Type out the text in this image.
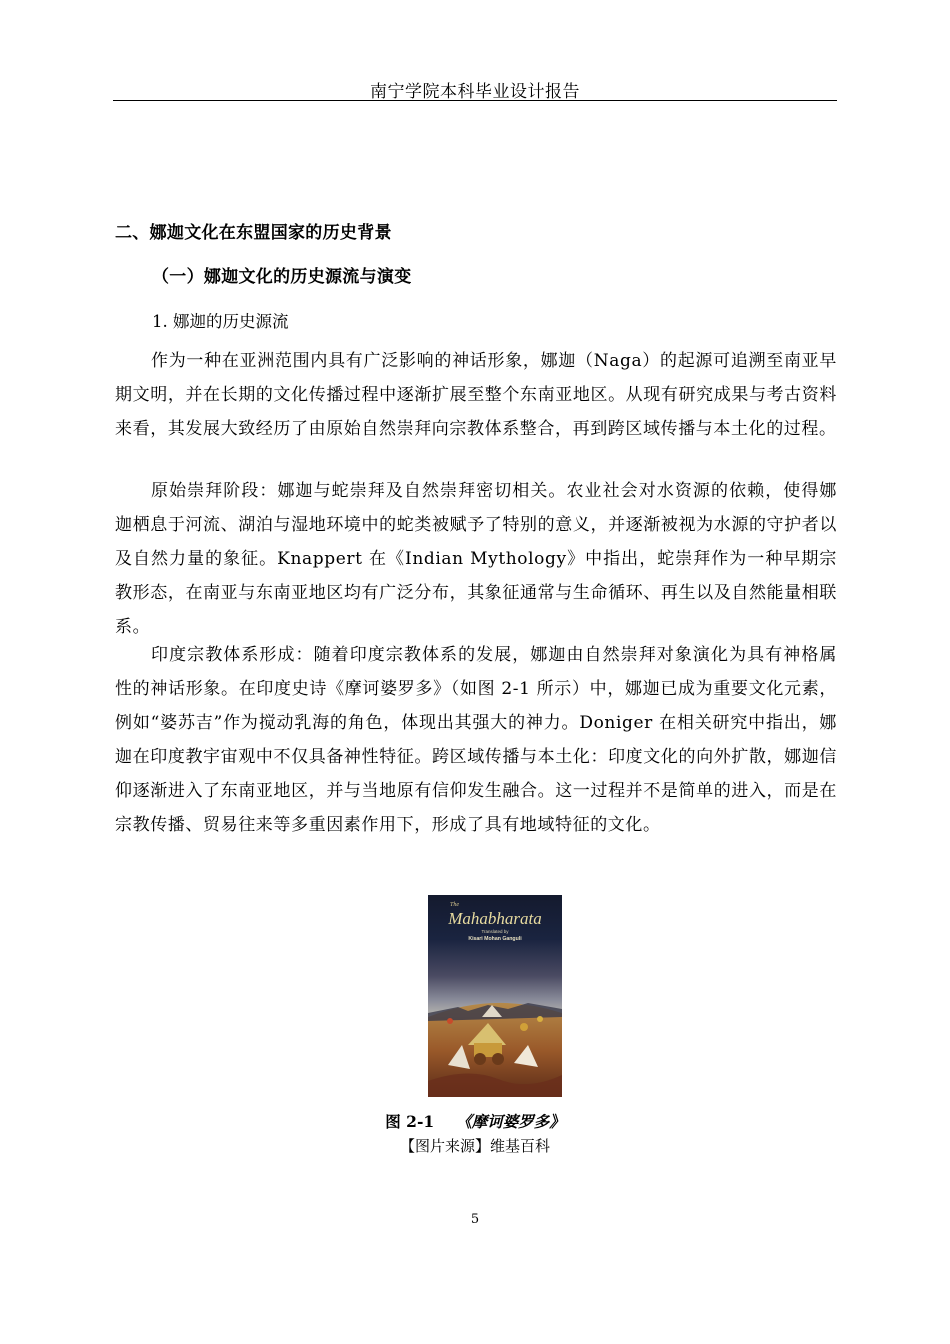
南宁学院本科毕业设计报告
二、娜迦文化在东盟国家的历史背景
（一）娜迦文化的历史源流与演变
1. 娜迦的历史源流

作为一种在亚洲范围内具有广泛影响的神话形象，娜迦（Naga）的起源可追溯至南亚早期文明，并在长期的文化传播过程中逐渐扩展至整个东南亚地区。从现有研究成果与考古资料来看，其发展大致经历了由原始自然崇拜向宗教体系整合，再到跨区域传播与本土化的过程。

原始崇拜阶段：娜迦与蛇崇拜及自然崇拜密切相关。农业社会对水资源的依赖，使得娜迦栖息于河流、湖泊与湿地环境中的蛇类被赋予了特别的意义，并逐渐被视为水源的守护者以及自然力量的象征。Knappert 在《Indian Mythology》中指出，蛇崇拜作为一种早期宗教形态，在南亚与东南亚地区均有广泛分布，其象征通常与生命循环、再生以及自然能量相联系。

印度宗教体系形成：随着印度宗教体系的发展，娜迦由自然崇拜对象演化为具有神格属性的神话形象。在印度史诗《摩诃婆罗多》（如图 2-1 所示）中，娜迦已成为重要文化元素，例如“婆苏吉”作为搅动乳海的角色，体现出其强大的神力。Doniger 在相关研究中指出，娜迦在印度教宇宙观中不仅具备神性特征。跨区域传播与本土化：印度文化的向外扩散，娜迦信仰逐渐进入了东南亚地区，并与当地原有信仰发生融合。这一过程并不是简单的进入，而是在宗教传播、贸易往来等多重因素作用下，形成了具有地域特征的文化。

The
Mahabharata
Translated by
Kisari Mohan Ganguli
图 2-1 《摩诃婆罗多》
【图片来源】维基百科
5
